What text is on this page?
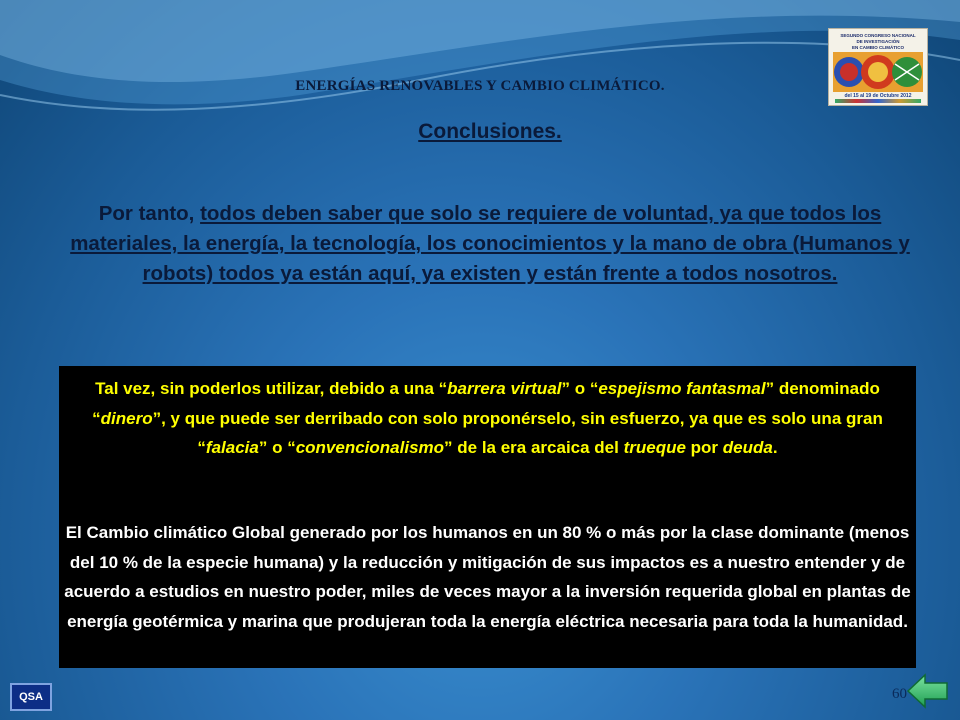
ENERGÍAS RENOVABLES Y CAMBIO CLIMÁTICO.
SEGUNDO CONGRESO NACIONAL
DE INVESTIGACIÓN
EN CAMBIO CLIMÁTICO
del 15 al 19 de Octubre 2012
Conclusiones.
Por tanto, todos deben saber que solo se requiere de voluntad, ya que todos los materiales, la energía, la tecnología, los conocimientos y la mano de obra (Humanos y robots) todos ya están aquí, ya existen y están frente a todos nosotros.
Tal vez, sin poderlos utilizar, debido a una “barrera virtual” o “espejismo fantasmal” denominado “dinero”, y que puede ser derribado con solo proponérselo, sin esfuerzo, ya que es solo una gran “falacia” o “convencionalismo” de la era arcaica del trueque por deuda.
El Cambio climático Global generado por los humanos en un 80 % o más por la clase dominante (menos del 10 % de la especie humana) y la reducción y mitigación de sus impactos es a nuestro entender y de acuerdo a estudios en nuestro poder, miles de veces mayor a la inversión requerida global en plantas de energía geotérmica y marina que produjeran toda la energía eléctrica necesaria para toda la humanidad.
QSA	60
